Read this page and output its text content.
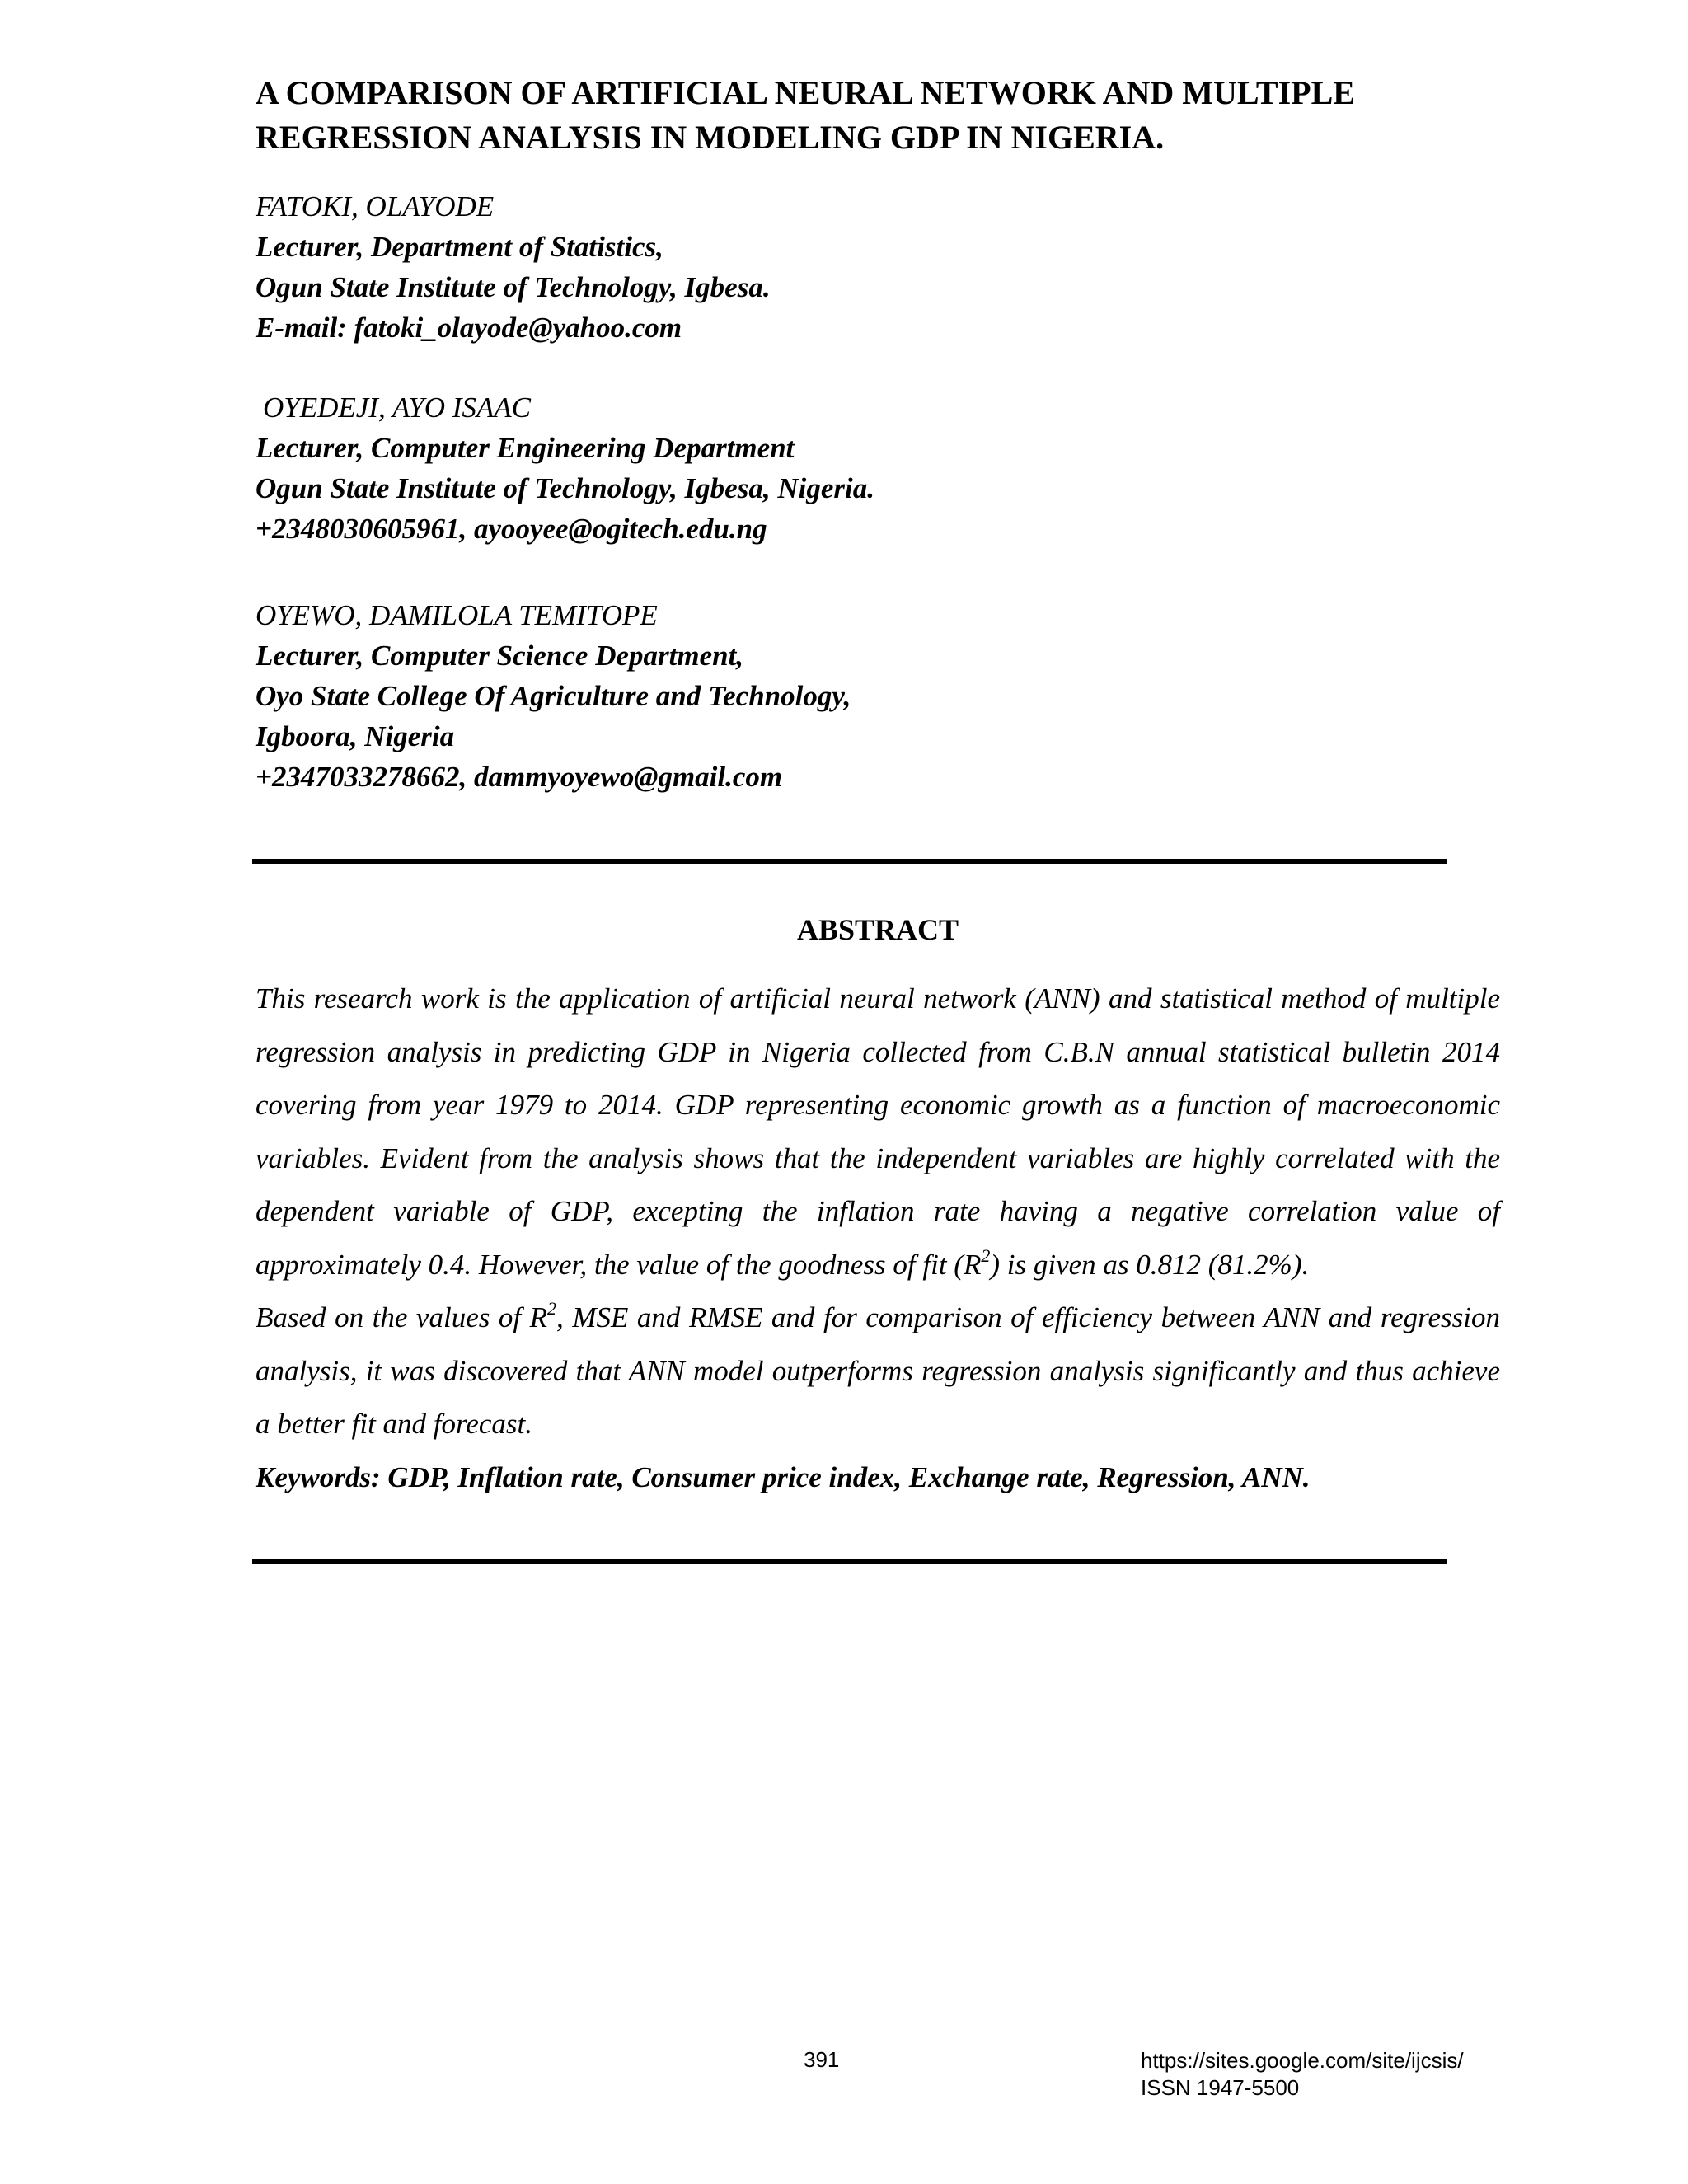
A COMPARISON OF ARTIFICIAL NEURAL NETWORK AND MULTIPLE
REGRESSION ANALYSIS IN MODELING GDP IN NIGERIA.
FATOKI, OLAYODE
Lecturer, Department of Statistics,
Ogun State Institute of Technology, Igbesa.
E-mail: fatoki_olayode@yahoo.com
OYEDEJI, AYO ISAAC
Lecturer, Computer Engineering Department
Ogun State Institute of Technology, Igbesa, Nigeria.
+2348030605961, ayooyee@ogitech.edu.ng
OYEWO, DAMILOLA TEMITOPE
Lecturer, Computer Science Department,
Oyo State College Of Agriculture and Technology,
Igboora, Nigeria
+2347033278662, dammyoyewo@gmail.com
ABSTRACT

This research work is the application of artificial neural network (ANN) and statistical method of multiple regression analysis in predicting GDP in Nigeria collected from C.B.N annual statistical bulletin 2014 covering from year 1979 to 2014. GDP representing economic growth as a function of macroeconomic variables. Evident from the analysis shows that the independent variables are highly correlated with the dependent variable of GDP, excepting the inflation rate having a negative correlation value of approximately 0.4. However, the value of the goodness of fit $(R^2)$ is given as 0.812 (81.2%).

Based on the values of $R^2$, MSE and RMSE and for comparison of efficiency between ANN and regression analysis, it was discovered that ANN model outperforms regression analysis significantly and thus achieve a better fit and forecast.

Keywords: GDP, Inflation rate, Consumer price index, Exchange rate, Regression, ANN.
391	https://sites.google.com/site/ijcsis/
ISSN 1947-5500
